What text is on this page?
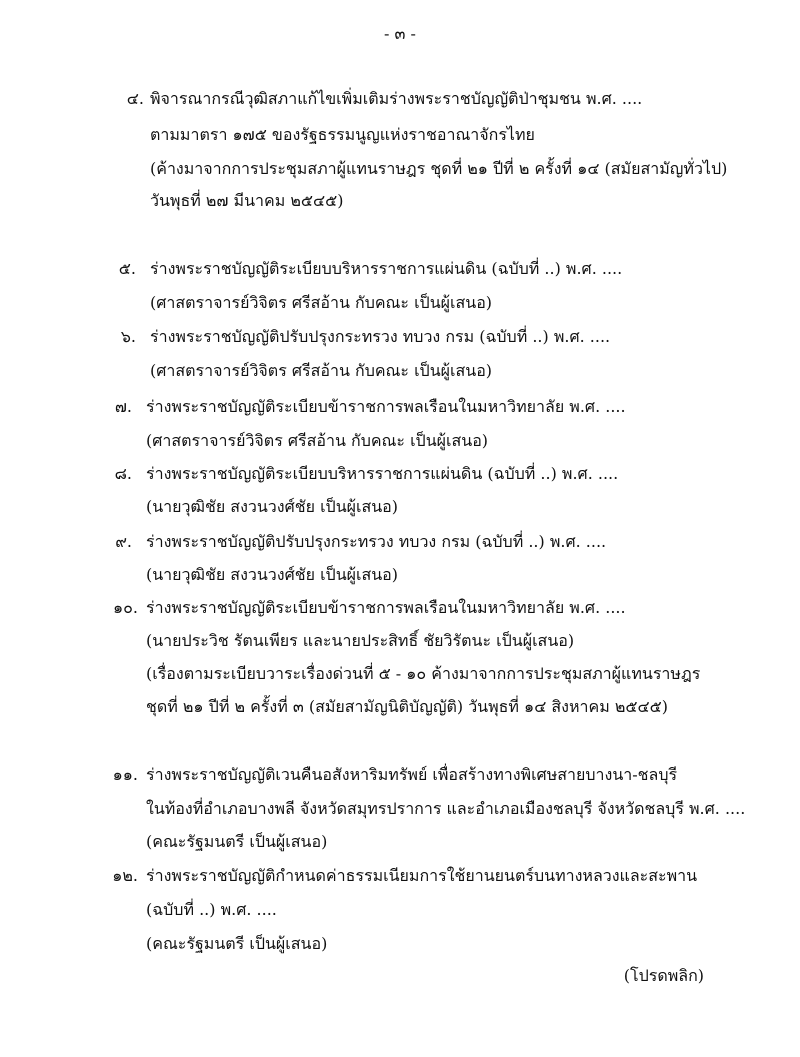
- ๓ -
๔. พิจารณากรณีวุฒิสภาแก้ไขเพิ่มเติมร่างพระราชบัญญัติป่าชุมชน พ.ศ. ....
ตามมาตรา ๑๗๕ ของรัฐธรรมนูญแห่งราชอาณาจักรไทย
(ค้างมาจากการประชุมสภาผู้แทนราษฎร ชุดที่ ๒๑ ปีที่ ๒ ครั้งที่ ๑๔ (สมัยสามัญทั่วไป)
วันพุธที่ ๒๗ มีนาคม ๒๕๔๕)
๕. ร่างพระราชบัญญัติระเบียบบริหารราชการแผ่นดิน (ฉบับที่ ..) พ.ศ. ....
(ศาสตราจารย์วิจิตร ศรีสอ้าน กับคณะ เป็นผู้เสนอ)
๖. ร่างพระราชบัญญัติปรับปรุงกระทรวง ทบวง กรม (ฉบับที่ ..) พ.ศ. ....
(ศาสตราจารย์วิจิตร ศรีสอ้าน กับคณะ เป็นผู้เสนอ)
๗. ร่างพระราชบัญญัติระเบียบข้าราชการพลเรือนในมหาวิทยาลัย พ.ศ. ....
(ศาสตราจารย์วิจิตร ศรีสอ้าน กับคณะ เป็นผู้เสนอ)
๘. ร่างพระราชบัญญัติระเบียบบริหารราชการแผ่นดิน (ฉบับที่ ..) พ.ศ. ....
(นายวุฒิชัย สงวนวงศ์ชัย เป็นผู้เสนอ)
๙. ร่างพระราชบัญญัติปรับปรุงกระทรวง ทบวง กรม (ฉบับที่ ..) พ.ศ. ....
(นายวุฒิชัย สงวนวงศ์ชัย เป็นผู้เสนอ)
๑๐. ร่างพระราชบัญญัติระเบียบข้าราชการพลเรือนในมหาวิทยาลัย พ.ศ. ....
(นายประวิช รัตนเพียร และนายประสิทธิ์ ชัยวิรัตนะ เป็นผู้เสนอ)
(เรื่องตามระเบียบวาระเรื่องด่วนที่ ๕ - ๑๐ ค้างมาจากการประชุมสภาผู้แทนราษฎร
ชุดที่ ๒๑ ปีที่ ๒ ครั้งที่ ๓ (สมัยสามัญนิติบัญญัติ) วันพุธที่ ๑๔ สิงหาคม ๒๕๔๕)
๑๑. ร่างพระราชบัญญัติเวนคืนอสังหาริมทรัพย์ เพื่อสร้างทางพิเศษสายบางนา-ชลบุรี
ในท้องที่อำเภอบางพลี จังหวัดสมุทรปราการ และอำเภอเมืองชลบุรี จังหวัดชลบุรี พ.ศ. ....
(คณะรัฐมนตรี เป็นผู้เสนอ)
๑๒. ร่างพระราชบัญญัติกำหนดค่าธรรมเนียมการใช้ยานยนตร์บนทางหลวงและสะพาน
(ฉบับที่ ..) พ.ศ. ....
(คณะรัฐมนตรี เป็นผู้เสนอ)
(โปรดพลิก)
